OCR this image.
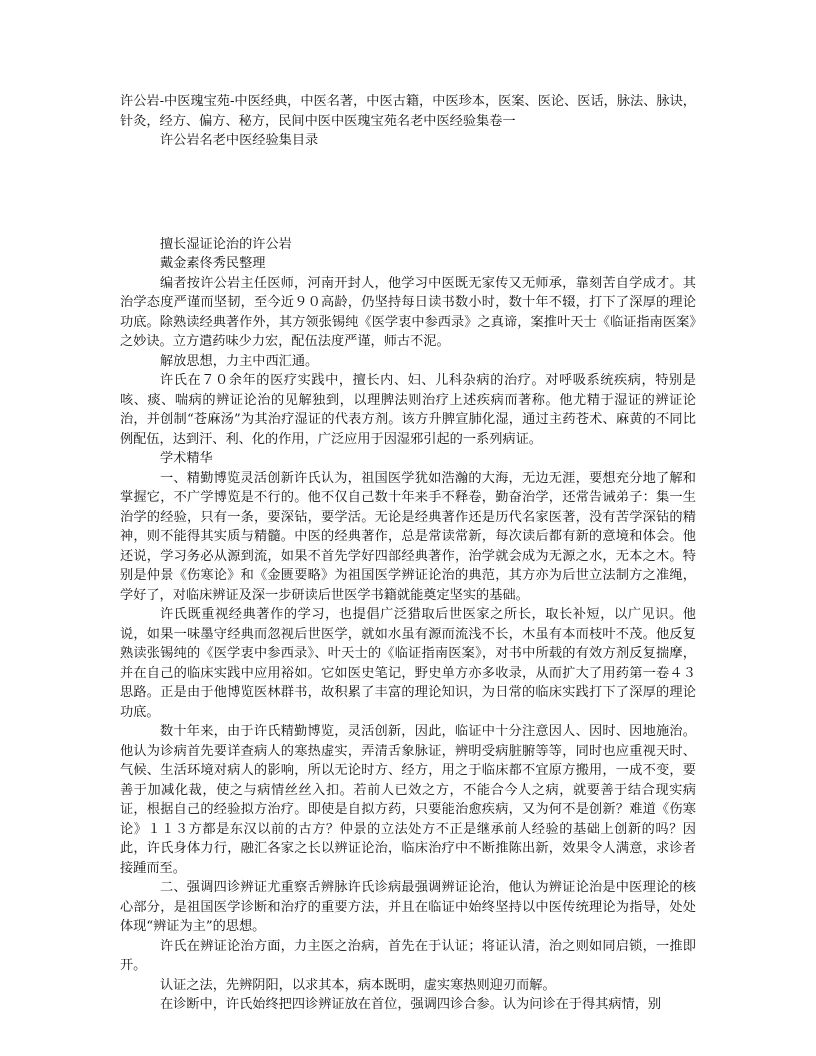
许公岩-中医瑰宝苑-中医经典，中医名著，中医古籍，中医珍本，医案、医论、医话，脉法、脉诀，针灸，经方、偏方、秘方，民间中医中医瑰宝苑名老中医经验集卷一

许公岩名老中医经验集目录

擅长湿证论治的许公岩

戴金素佟秀民整理

编者按许公岩主任医师，河南开封人，他学习中医既无家传又无师承，靠刻苦自学成才。其治学态度严谨而坚韧，至今近９０高龄，仍坚持每日读书数小时，数十年不辍，打下了深厚的理论功底。除熟读经典著作外，其方领张锡纯《医学衷中参西录》之真谛，案推叶天士《临证指南医案》之妙诀。立方遣药味少力宏，配伍法度严谨，师古不泥。

解放思想，力主中西汇通。

许氏在７０余年的医疗实践中，擅长内、妇、儿科杂病的治疗。对呼吸系统疾病，特别是咳、痰、喘病的辨证论治的见解独到，以理脾法则治疗上述疾病而著称。他尤精于湿证的辨证论治，并创制“苍麻汤”为其治疗湿证的代表方剂。该方升脾宣肺化湿，通过主药苍术、麻黄的不同比例配伍，达到汗、利、化的作用，广泛应用于因湿邪引起的一系列病证。

学术精华

一、精勤博览灵活创新许氏认为，祖国医学犹如浩瀚的大海，无边无涯，要想充分地了解和掌握它，不广学博览是不行的。他不仅自己数十年来手不释卷，勤奋治学，还常告诫弟子：集一生治学的经验，只有一条，要深钻，要学活。无论是经典著作还是历代名家医著，没有苦学深钻的精神，则不能得其实质与精髓。中医的经典著作，总是常读常新，每次读后都有新的意境和体会。他还说，学习务必从源到流，如果不首先学好四部经典著作，治学就会成为无源之水，无本之木。特别是仲景《伤寒论》和《金匮要略》为祖国医学辨证论治的典范，其方亦为后世立法制方之准绳，学好了，对临床辨证及深一步研读后世医学书籍就能奠定坚实的基础。

许氏既重视经典著作的学习，也提倡广泛猎取后世医家之所长，取长补短，以广见识。他说，如果一味墨守经典而忽视后世医学，就如水虽有源而流浅不长，木虽有本而枝叶不茂。他反复熟读张锡纯的《医学衷中参西录》、叶天士的《临证指南医案》，对书中所载的有效方剂反复揣摩，并在自己的临床实践中应用裕如。它如医史笔记，野史单方亦多收录，从而扩大了用药第一卷４３思路。正是由于他博览医林群书，故积累了丰富的理论知识，为日常的临床实践打下了深厚的理论功底。

数十年来，由于许氏精勤博览，灵活创新，因此，临证中十分注意因人、因时、因地施治。他认为诊病首先要详查病人的寒热虚实，弄清舌象脉证，辨明受病脏腑等等，同时也应重视天时、气候、生活环境对病人的影响，所以无论时方、经方，用之于临床都不宜原方搬用，一成不变，要善于加减化裁，使之与病情丝丝入扣。若前人已效之方，不能合今人之病，就要善于结合现实病证，根据自己的经验拟方治疗。即使是自拟方药，只要能治愈疾病，又为何不是创新？难道《伤寒论》１１３方都是东汉以前的古方？仲景的立法处方不正是继承前人经验的基础上创新的吗？因此，许氏身体力行，融汇各家之长以辨证论治，临床治疗中不断推陈出新，效果令人满意，求诊者接踵而至。

二、强调四诊辨证尤重察舌辨脉许氏诊病最强调辨证论治，他认为辨证论治是中医理论的核心部分，是祖国医学诊断和治疗的重要方法，并且在临证中始终坚持以中医传统理论为指导，处处体现“辨证为主”的思想。

许氏在辨证论治方面，力主医之治病，首先在于认证；将证认清，治之则如同启锁，一推即开。

认证之法，先辨阴阳，以求其本，病本既明，虚实寒热则迎刃而解。

在诊断中，许氏始终把四诊辨证放在首位，强调四诊合参。认为问诊在于得其病情，别
